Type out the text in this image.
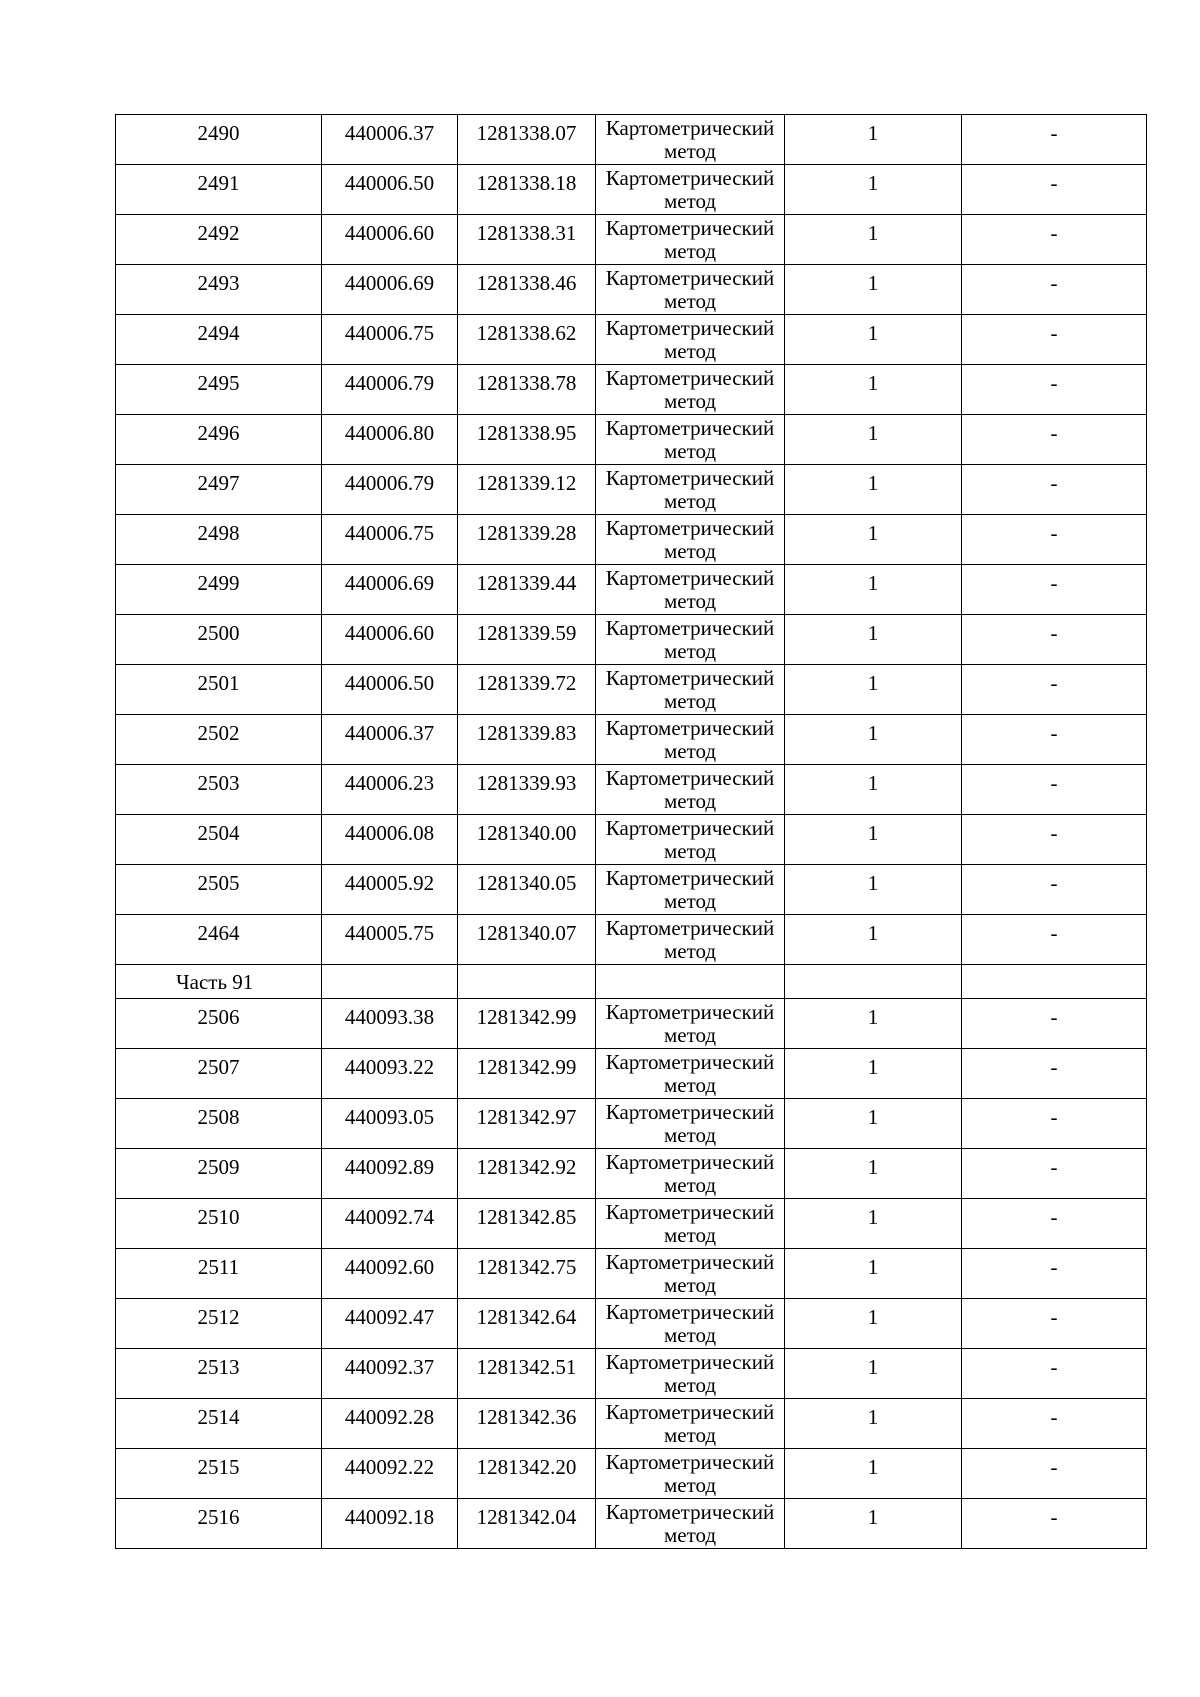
2490	440006.37	1281338.07	Картометрический метод	1	-
2491	440006.50	1281338.18	Картометрический метод	1	-
2492	440006.60	1281338.31	Картометрический метод	1	-
2493	440006.69	1281338.46	Картометрический метод	1	-
2494	440006.75	1281338.62	Картометрический метод	1	-
2495	440006.79	1281338.78	Картометрический метод	1	-
2496	440006.80	1281338.95	Картометрический метод	1	-
2497	440006.79	1281339.12	Картометрический метод	1	-
2498	440006.75	1281339.28	Картометрический метод	1	-
2499	440006.69	1281339.44	Картометрический метод	1	-
2500	440006.60	1281339.59	Картометрический метод	1	-
2501	440006.50	1281339.72	Картометрический метод	1	-
2502	440006.37	1281339.83	Картометрический метод	1	-
2503	440006.23	1281339.93	Картометрический метод	1	-
2504	440006.08	1281340.00	Картометрический метод	1	-
2505	440005.92	1281340.05	Картометрический метод	1	-
2464	440005.75	1281340.07	Картометрический метод	1	-
Часть 91					
2506	440093.38	1281342.99	Картометрический метод	1	-
2507	440093.22	1281342.99	Картометрический метод	1	-
2508	440093.05	1281342.97	Картометрический метод	1	-
2509	440092.89	1281342.92	Картометрический метод	1	-
2510	440092.74	1281342.85	Картометрический метод	1	-
2511	440092.60	1281342.75	Картометрический метод	1	-
2512	440092.47	1281342.64	Картометрический метод	1	-
2513	440092.37	1281342.51	Картометрический метод	1	-
2514	440092.28	1281342.36	Картометрический метод	1	-
2515	440092.22	1281342.20	Картометрический метод	1	-
2516	440092.18	1281342.04	Картометрический метод	1	-
